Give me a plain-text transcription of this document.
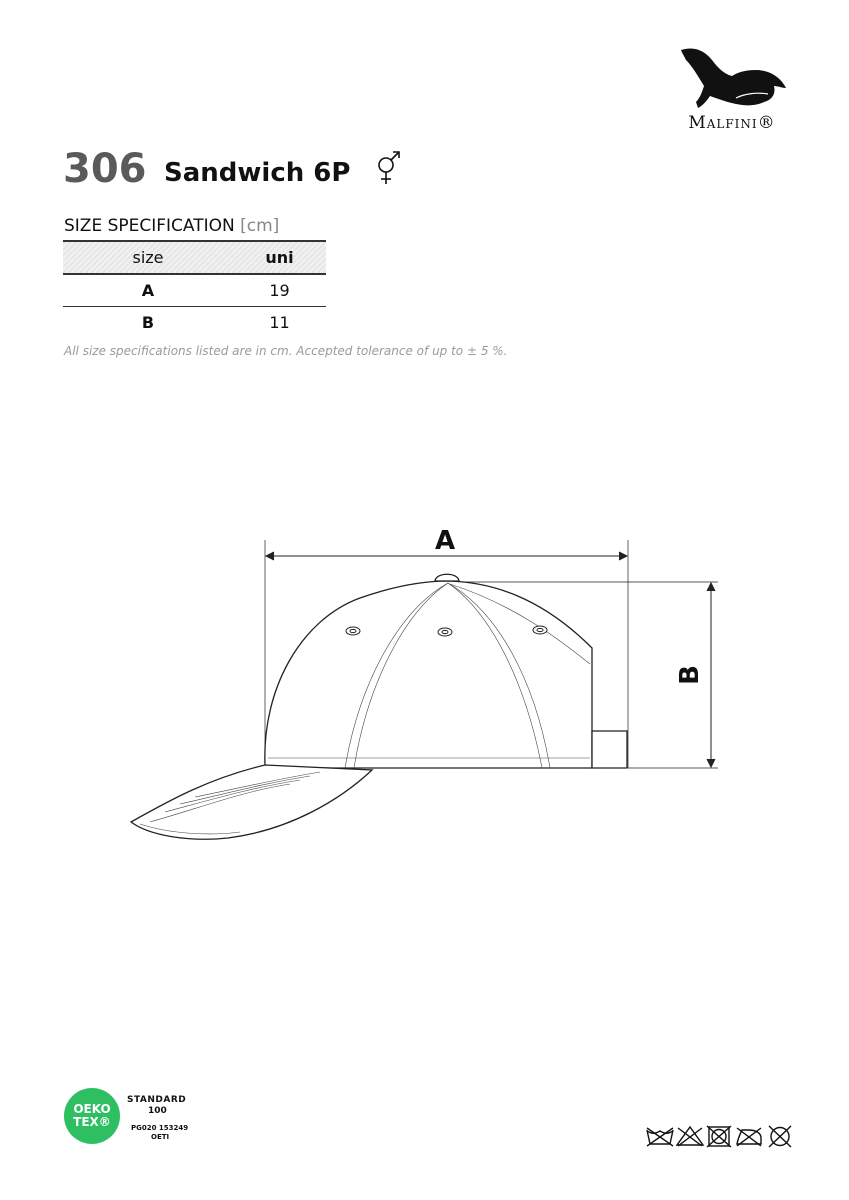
Malfini®
306 Sandwich 6P
SIZE SPECIFICATION [cm]
size	uni
A	19
B	11
All size specifications listed are in cm. Accepted tolerance of up to ± 5 %.
A
B
OEKO
TEX®
STANDARD
100
PG020 153249
OETI
